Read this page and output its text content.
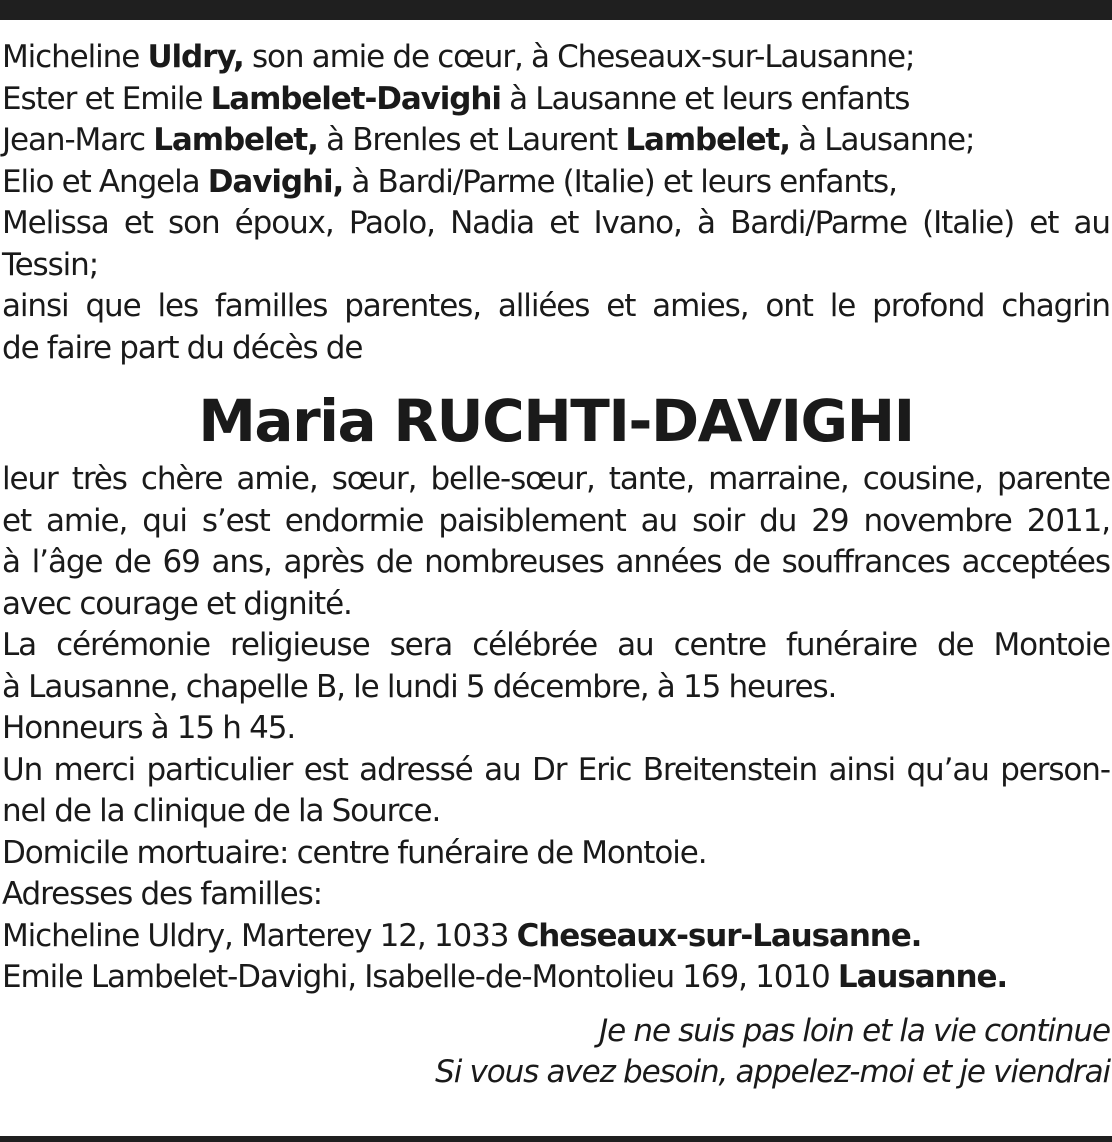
Micheline Uldry, son amie de cœur, à Cheseaux-sur-Lausanne;
Ester et Emile Lambelet-Davighi à Lausanne et leurs enfants
Jean-Marc Lambelet, à Brenles et Laurent Lambelet, à Lausanne;
Elio et Angela Davighi, à Bardi/Parme (Italie) et leurs enfants,
Melissa et son époux, Paolo, Nadia et Ivano, à Bardi/Parme (Italie) et au
Tessin;
ainsi que les familles parentes, alliées et amies, ont le profond chagrin
de faire part du décès de
Maria RUCHTI-DAVIGHI
leur très chère amie, sœur, belle-sœur, tante, marraine, cousine, parente
et amie, qui s’est endormie paisiblement au soir du 29 novembre 2011,
à l’âge de 69 ans, après de nombreuses années de souffrances acceptées
avec courage et dignité.
La cérémonie religieuse sera célébrée au centre funéraire de Montoie
à Lausanne, chapelle B, le lundi 5 décembre, à 15 heures.
Honneurs à 15 h 45.
Un merci particulier est adressé au Dr Eric Breitenstein ainsi qu’au person-
nel de la clinique de la Source.
Domicile mortuaire: centre funéraire de Montoie.
Adresses des familles:
Micheline Uldry, Marterey 12, 1033 Cheseaux-sur-Lausanne.
Emile Lambelet-Davighi, Isabelle-de-Montolieu 169, 1010 Lausanne.
Je ne suis pas loin et la vie continue
Si vous avez besoin, appelez-moi et je viendrai
